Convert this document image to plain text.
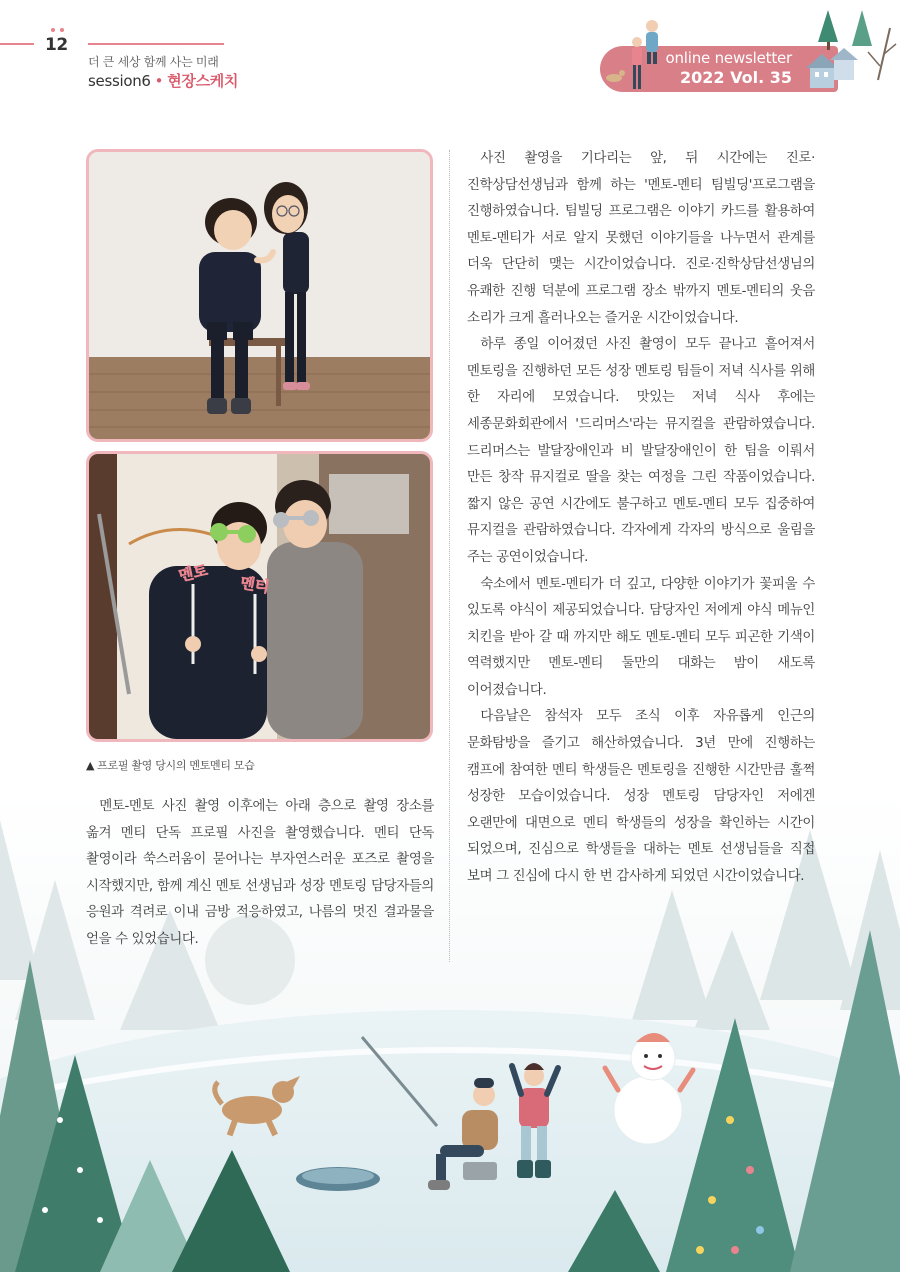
12
더 큰 세상 함께 사는 미래
session6 • 현장스케치
online newsletter
2022 Vol. 35
멘토
멘티
▲ 프로필 촬영 당시의 멘토멘티 모습

멘토-멘토 사진 촬영 이후에는 아래 층으로 촬영 장소를 옮겨 멘티 단독 프로필 사진을 촬영했습니다. 멘티 단독 촬영이라 쑥스러움이 묻어나는 부자연스러운 포즈로 촬영을 시작했지만, 함께 계신 멘토 선생님과 성장 멘토링 담당자들의 응원과 격려로 이내 금방 적응하였고, 나름의 멋진 결과물을 얻을 수 있었습니다.

사진 촬영을 기다리는 앞, 뒤 시간에는 진로·진학상담선생님과 함께 하는 '멘토-멘티 팀빌딩'프로그램을 진행하였습니다. 팀빌딩 프로그램은 이야기 카드를 활용하여 멘토-멘티가 서로 알지 못했던 이야기들을 나누면서 관계를 더욱 단단히 맺는 시간이었습니다. 진로·진학상담선생님의 유쾌한 진행 덕분에 프로그램 장소 밖까지 멘토-멘티의 웃음 소리가 크게 흘러나오는 즐거운 시간이었습니다.

하루 종일 이어졌던 사진 촬영이 모두 끝나고 흩어져서 멘토링을 진행하던 모든 성장 멘토링 팀들이 저녁 식사를 위해 한 자리에 모였습니다. 맛있는 저녁 식사 후에는 세종문화회관에서 '드리머스'라는 뮤지컬을 관람하였습니다. 드리머스는 발달장애인과 비 발달장애인이 한 팀을 이뤄서 만든 창작 뮤지컬로 딸을 찾는 여정을 그린 작품이었습니다. 짧지 않은 공연 시간에도 불구하고 멘토-멘티 모두 집중하여 뮤지컬을 관람하였습니다. 각자에게 각자의 방식으로 울림을 주는 공연이었습니다.

숙소에서 멘토-멘티가 더 깊고, 다양한 이야기가 꽃피울 수 있도록 야식이 제공되었습니다. 담당자인 저에게 야식 메뉴인 치킨을 받아 갈 때 까지만 해도 멘토-멘티 모두 피곤한 기색이 역력했지만 멘토-멘티 둘만의 대화는 밤이 새도록 이어졌습니다.

다음날은 참석자 모두 조식 이후 자유롭게 인근의 문화탐방을 즐기고 해산하였습니다. 3년 만에 진행하는 캠프에 참여한 멘티 학생들은 멘토링을 진행한 시간만큼 훌쩍 성장한 모습이었습니다. 성장 멘토링 담당자인 저에겐 오랜만에 대면으로 멘티 학생들의 성장을 확인하는 시간이 되었으며, 진심으로 학생들을 대하는 멘토 선생님들을 직접 보며 그 진심에 다시 한 번 감사하게 되었던 시간이었습니다.
